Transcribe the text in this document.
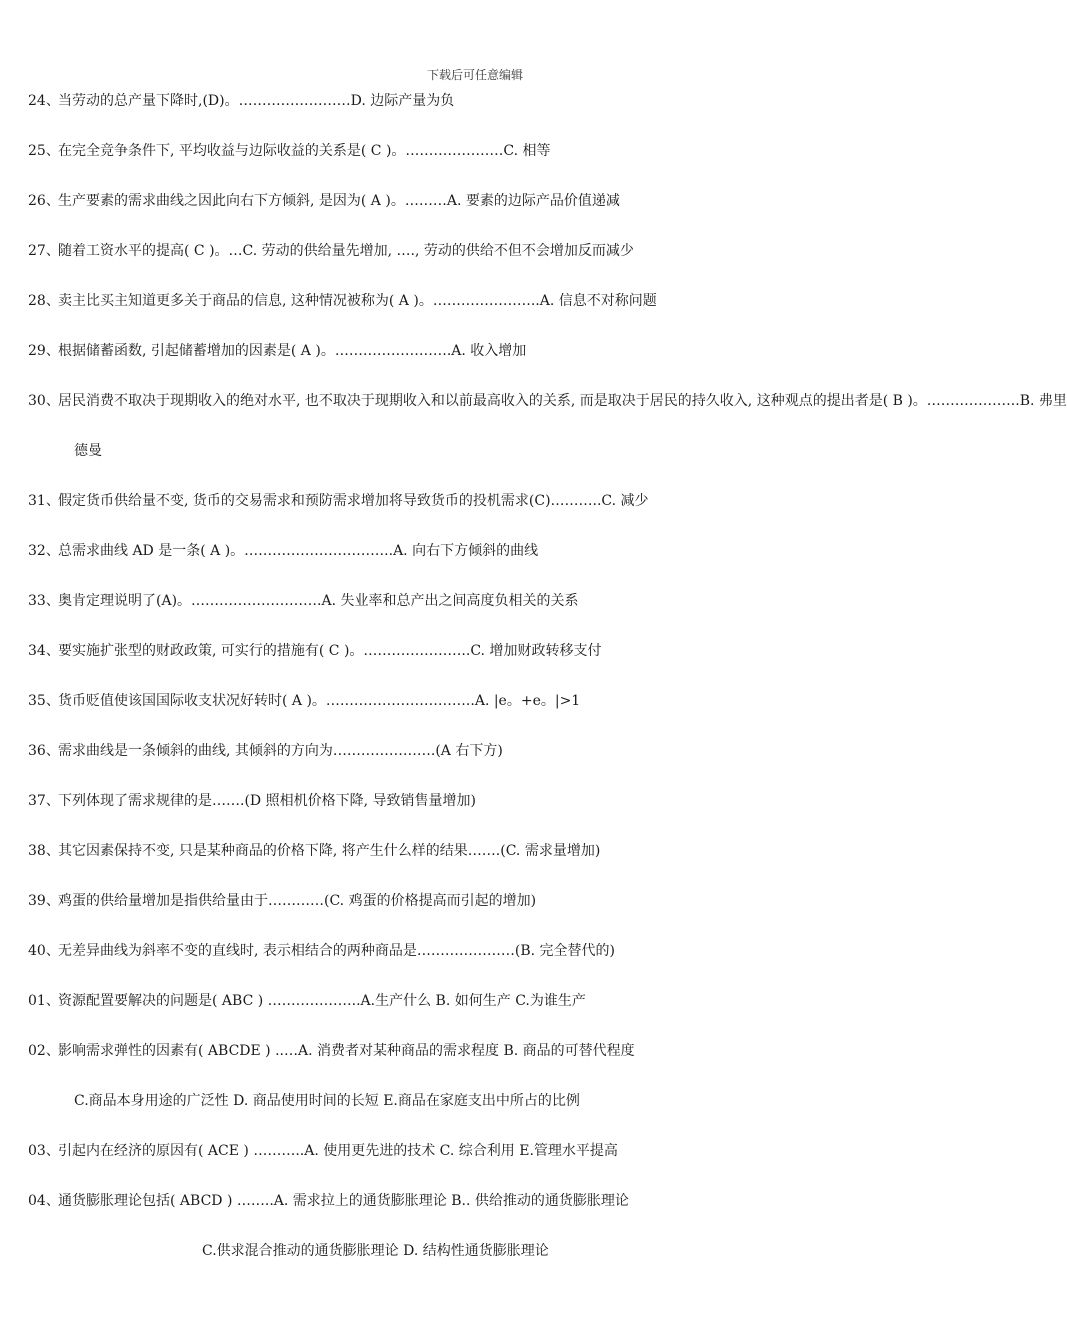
下载后可任意编辑
24、
当劳动的总产量下降时,(D)。……………………D. 边际产量为负
25、
在完全竞争条件下, 平均收益与边际收益的关系是( C )。…………………C. 相等
26、
生产要素的需求曲线之因此向右下方倾斜, 是因为( A )。………A. 要素的边际产品价值递减
27、
随着工资水平的提高( C )。…C. 劳动的供给量先增加, …., 劳动的供给不但不会增加反而减少
28、
卖主比买主知道更多关于商品的信息, 这种情况被称为( A )。…………………..A. 信息不对称问题
29、
根据储蓄函数, 引起储蓄增加的因素是( A )。…………………….A. 收入增加
30、
居民消费不取决于现期收入的绝对水平, 也不取决于现期收入和以前最高收入的关系, 而是取决于居民的持久收入, 这种观点的提出者是( B )。………………..B. 弗里
德曼
31、
假定货币供给量不变, 货币的交易需求和预防需求增加将导致货币的投机需求(C)………..C. 减少
32、
总需求曲线 AD 是一条( A )。…………………………..A. 向右下方倾斜的曲线
33、
奥肯定理说明了(A)。……………………….A. 失业率和总产出之间高度负相关的关系
34、
要实施扩张型的财政政策, 可实行的措施有( C )。…………………..C. 增加财政转移支付
35、
货币贬值使该国国际收支状况好转时( A )。…………………………..A. |e。+e。|>1
36、
需求曲线是一条倾斜的曲线, 其倾斜的方向为………………….(A 右下方)
37、
下列体现了需求规律的是…….(D 照相机价格下降, 导致销售量增加)
38、
其它因素保持不变, 只是某种商品的价格下降, 将产生什么样的结果…….(C. 需求量增加)
39、
鸡蛋的供给量增加是指供给量由于…………(C. 鸡蛋的价格提高而引起的增加)
40、
无差异曲线为斜率不变的直线时, 表示相结合的两种商品是…………………(B. 完全替代的)
01、
资源配置要解决的问题是( ABC ) ………………..A.生产什么 B. 如何生产 C.为谁生产
02、
影响需求弹性的因素有( ABCDE ) ..…A. 消费者对某种商品的需求程度 B. 商品的可替代程度
C.商品本身用途的广泛性 D. 商品使用时间的长短 E.商品在家庭支出中所占的比例
03、
引起内在经济的原因有( ACE ) ………..A. 使用更先进的技术 C. 综合利用 E.管理水平提高
04、
通货膨胀理论包括( ABCD ) ……..A. 需求拉上的通货膨胀理论 B.. 供给推动的通货膨胀理论
C.供求混合推动的通货膨胀理论 D. 结构性通货膨胀理论
